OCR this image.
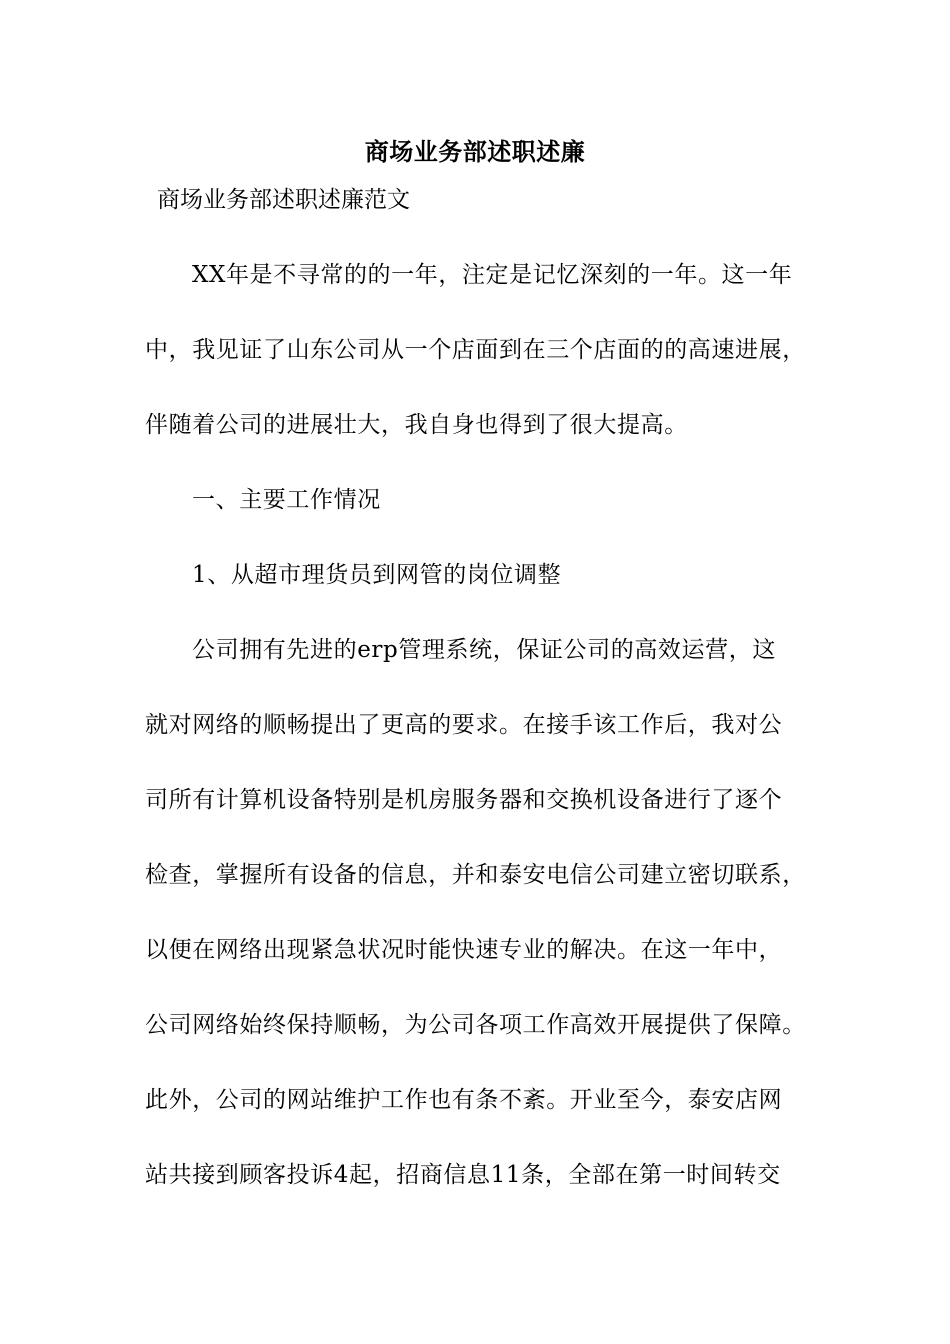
商场业务部述职述廉
商场业务部述职述廉范文
XX年是不寻常的的一年，注定是记忆深刻的一年。这一年
中，我见证了山东公司从一个店面到在三个店面的的高速进展，
伴随着公司的进展壮大，我自身也得到了很大提高。
一、主要工作情况
1、从超市理货员到网管的岗位调整
公司拥有先进的erp管理系统，保证公司的高效运营，这
就对网络的顺畅提出了更高的要求。在接手该工作后，我对公
司所有计算机设备特别是机房服务器和交换机设备进行了逐个
检查，掌握所有设备的信息，并和泰安电信公司建立密切联系，
以便在网络出现紧急状况时能快速专业的解决。在这一年中，
公司网络始终保持顺畅，为公司各项工作高效开展提供了保障。
此外，公司的网站维护工作也有条不紊。开业至今，泰安店网
站共接到顾客投诉4起，招商信息11条，全部在第一时间转交
